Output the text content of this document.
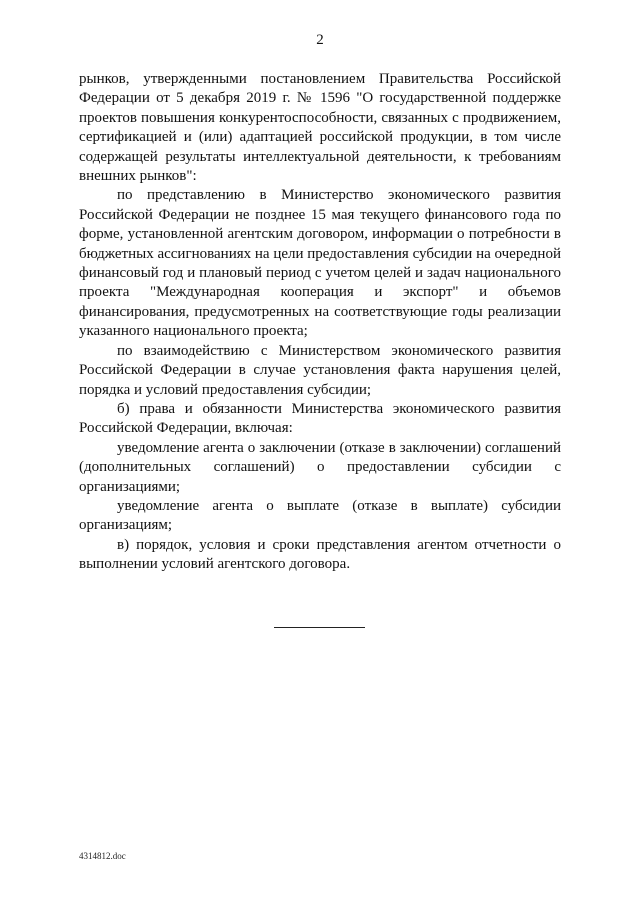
2

рынков, утвержденными постановлением Правительства Российской Федерации от 5 декабря 2019 г. № 1596 "О государственной поддержке проектов повышения конкурентоспособности, связанных с продвижением, сертификацией и (или) адаптацией российской продукции, в том числе содержащей результаты интеллектуальной деятельности, к требованиям внешних рынков":

по представлению в Министерство экономического развития Российской Федерации не позднее 15 мая текущего финансового года по форме, установленной агентским договором, информации о потребности в бюджетных ассигнованиях на цели предоставления субсидии на очередной финансовый год и плановый период с учетом целей и задач национального проекта "Международная кооперация и экспорт" и объемов финансирования, предусмотренных на соответствующие годы реализации указанного национального проекта;

по взаимодействию с Министерством экономического развития Российской Федерации в случае установления факта нарушения целей, порядка и условий предоставления субсидии;

б) права и обязанности Министерства экономического развития Российской Федерации, включая:

уведомление агента о заключении (отказе в заключении) соглашений (дополнительных соглашений) о предоставлении субсидии с организациями;

уведомление агента о выплате (отказе в выплате) субсидии организациям;

в) порядок, условия и сроки представления агентом отчетности о выполнении условий агентского договора.

4314812.doc
